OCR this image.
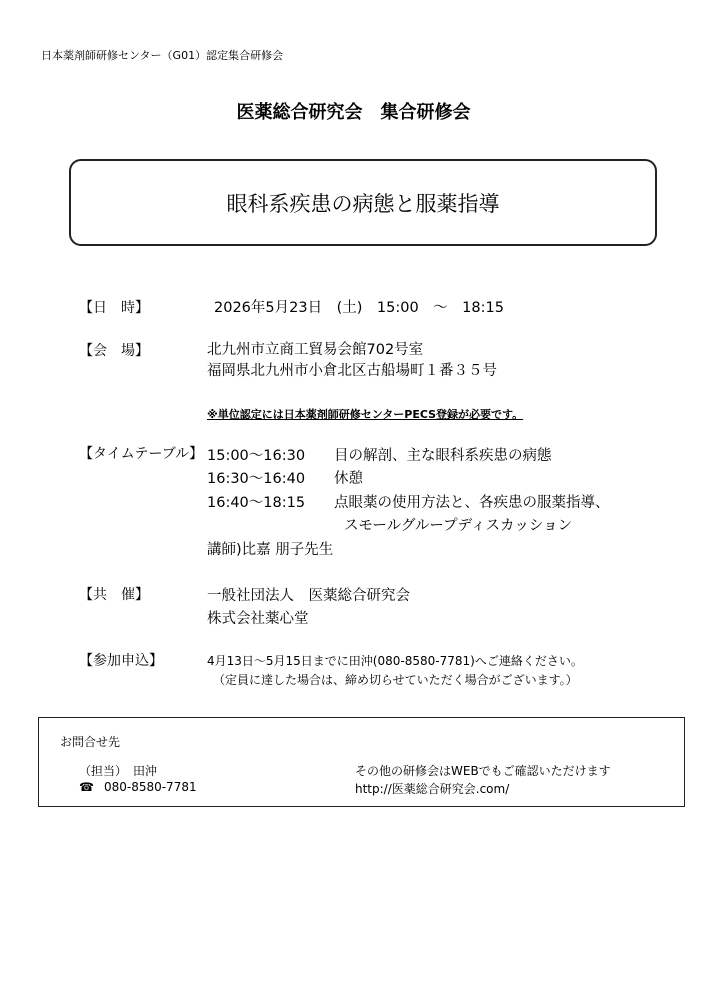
日本薬剤師研修センター（G01）認定集合研修会
医薬総合研究会　集合研修会
眼科系疾患の病態と服薬指導
【日　時】	2026年5月23日　(土)　15:00　～　18:15
【会　場】	北九州市立商工貿易会館702号室
福岡県北九州市小倉北区古船場町１番３５号
※単位認定には日本薬剤師研修センターPECS登録が必要です。
【タイムテーブル】 15:00～16:30 目の解剖、主な眼科系疾患の病態
16:30～16:40 休憩
16:40～18:15 点眼薬の使用方法と、各疾患の服薬指導、
スモールグループディスカッション
講師)比嘉 朋子先生
【共　催】	一般社団法人　医薬総合研究会
株式会社薬心堂
【参加申込】	4月13日～5月15日までに田沖(080-8580-7781)へご連絡ください。
（定員に達した場合は、締め切らせていただく場合がございます。）
お問合せ先
（担当）　田沖
☎ 080-8580-7781
その他の研修会はWEBでもご確認いただけます
http://医薬総合研究会.com/
